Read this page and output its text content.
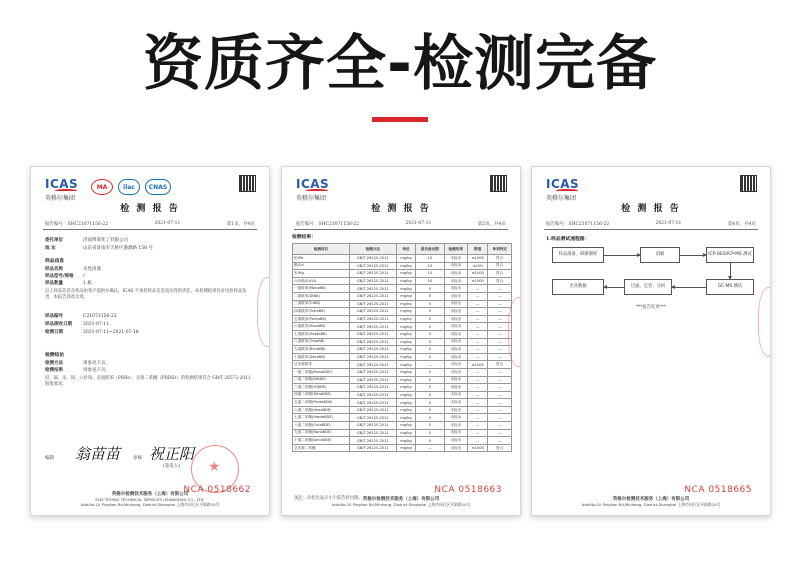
资质齐全-检测完备
ICAS
英格尔集团
MA	ilac	CNAS
检 测 报 告
报告编号：SHC21071156-22	2021-07-11	第1页，共4页
委托单位	济南博莱化工有限公司
地 址	山东省济南市天桥区港源路 158 号
样品信息
样品名称	水性清漆
样品型号/规格	/
样品数量	1 瓶
以上样品信息及样品由客户提供并确认，ICAS 不承担样品信息真实性的责任。本检测结果仅对送检样品负责，本报告涂改无效。
样品编号	C21071156-22
样品接收日期	2021-07-11
检测日期	2021-07-11~2021-07-18
检测结论
检测方法	请参见下页。
检测结果	请参见下页。
铅、镉、汞、铬、六价铬、多溴联苯（PBBs）、多溴二苯醚（PBDEs）的检测结果符合 GB/T 26572-2011 限值要求。
编制 翁苗苗	审核 祝正阳
(签发人)
★
NCA 0518662
英格尔检测技术服务（上海）有限公司
ELECTRONIC TECHNICAL SERVICES (SHANGHAI) CO., LTD.
Add:No.10 Pinglian Rd,Minhang, District,Shanghai 上海市闵行区平联路10号
ICAS
英格尔集团
检 测 报 告
报告编号：SHC21071156-22	2021-07-11	第2页，共4页
检测结果：
检测项目	检测方法	单位	报告检出限	检测结果	限值	单项判定
铅/Pb	GB/T 26125-2011	mg/kg	10	未检出	≤1000	符合
镉/Cd	GB/T 26125-2011	mg/kg	10	未检出	≤100	符合
汞/Hg	GB/T 26125-2011	mg/kg	10	未检出	≤1000	符合
六价铬/Cr(VI)	GB/T 26125-2011	mg/kg	10	未检出	≤1000	符合
一溴联苯(MonoBB)	GB/T 26125-2011	mg/kg	5	未检出	—	—
二溴联苯(DiBB)	GB/T 26125-2011	mg/kg	5	未检出	—	—
三溴联苯(TriBB)	GB/T 26125-2011	mg/kg	5	未检出	—	—
四溴联苯(TetraBB)	GB/T 26125-2011	mg/kg	5	未检出	—	—
五溴联苯(PentaBB)	GB/T 26125-2011	mg/kg	5	未检出	—	—
六溴联苯(HexaBB)	GB/T 26125-2011	mg/kg	5	未检出	—	—
七溴联苯(HeptaBB)	GB/T 26125-2011	mg/kg	5	未检出	—	—
八溴联苯(OctaBB)	GB/T 26125-2011	mg/kg	5	未检出	—	—
九溴联苯(NonaBB)	GB/T 26125-2011	mg/kg	5	未检出	—	—
十溴联苯(DecaBB)	GB/T 26125-2011	mg/kg	5	未检出	—	—
总多溴联苯	GB/T 26125-2011	mg/kg	—	未检出	≤1000	符合
一溴二苯醚(MonoBDE)	GB/T 26125-2011	mg/kg	5	未检出	—	—
二溴二苯醚(DiBDE)	GB/T 26125-2011	mg/kg	5	未检出	—	—
三溴二苯醚(TriBDE)	GB/T 26125-2011	mg/kg	5	未检出	—	—
四溴二苯醚(TetraBDE)	GB/T 26125-2011	mg/kg	5	未检出	—	—
五溴二苯醚(PentaBDE)	GB/T 26125-2011	mg/kg	5	未检出	—	—
六溴二苯醚(HexaBDE)	GB/T 26125-2011	mg/kg	5	未检出	—	—
七溴二苯醚(HeptaBDE)	GB/T 26125-2011	mg/kg	5	未检出	—	—
八溴二苯醚(OctaBDE)	GB/T 26125-2011	mg/kg	5	未检出	—	—
九溴二苯醚(NonaBDE)	GB/T 26125-2011	mg/kg	5	未检出	—	—
十溴二苯醚(DecaBDE)	GB/T 26125-2011	mg/kg	5	未检出	—	—
总多溴二苯醚	GB/T 26125-2011	mg/kg	—	未检出	≤1000	符合
备注：未检出表示小于报告检出限。
NCA 0518663
英格尔检测技术服务（上海）有限公司
Add:No.10 Pinglian Rd,Minhang, District,Shanghai 上海市闵行区平联路10号
ICAS
英格尔集团
检 测 报 告
报告编号：SHC21071156-22	2021-07-11	第4页，共4页
1.样品测试流程图：
样品准备、研磨制样	消解	ICP-OES/ICP-MS 测试
GC-MS 测试
过滤、定容、分析
出具数据
***报告结束***
NCA 0518665
英格尔检测技术服务（上海）有限公司
Add:No.10 Pinglian Rd,Minhang, District,Shanghai 上海市闵行区平联路10号
